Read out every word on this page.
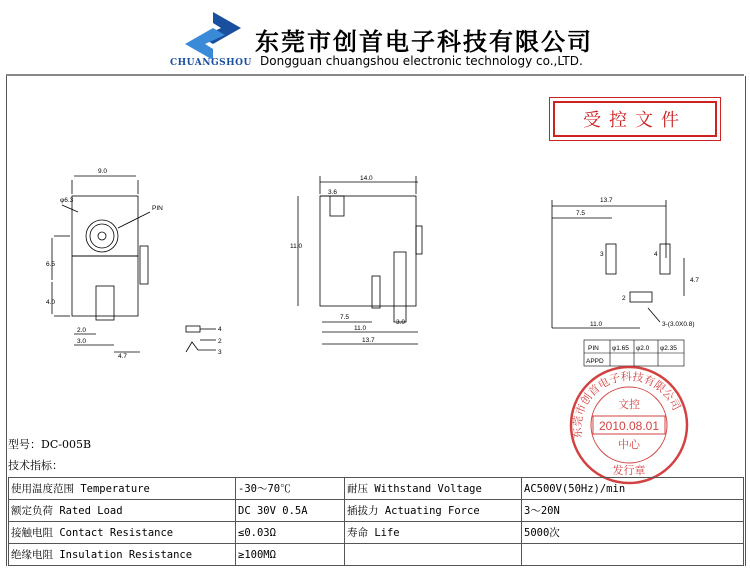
CHUANGSHOU
东莞市创首电子科技有限公司
Dongguan chuangshou electronic technology co.,LTD.
受控文件
9.0
φ6.3
PIN
6.5
4.0
2.0
3.0
4.7
4
2
3
14.0
3.6
11.0
7.5
11.0
13.7
3.0
13.7
7.5
11.0
4.7
3-(3.0X0.8)
3	4
2
PIN φ1.65 φ2.0 φ2.35
APPD
东莞市创首电子科技有限公司
文控
2010.08.01
中心
发行章
型号：DC-005B
技术指标：
使用温度范围 Temperature	-30～70℃	耐压 Withstand Voltage	AC500V(50Hz)/min
额定负荷 Rated Load	DC 30V 0.5A	插拔力 Actuating Force	3～20N
接触电阻 Contact Resistance	≤0.03Ω	寿命 Life	5000次
绝缘电阻 Insulation Resistance	≥100MΩ		
